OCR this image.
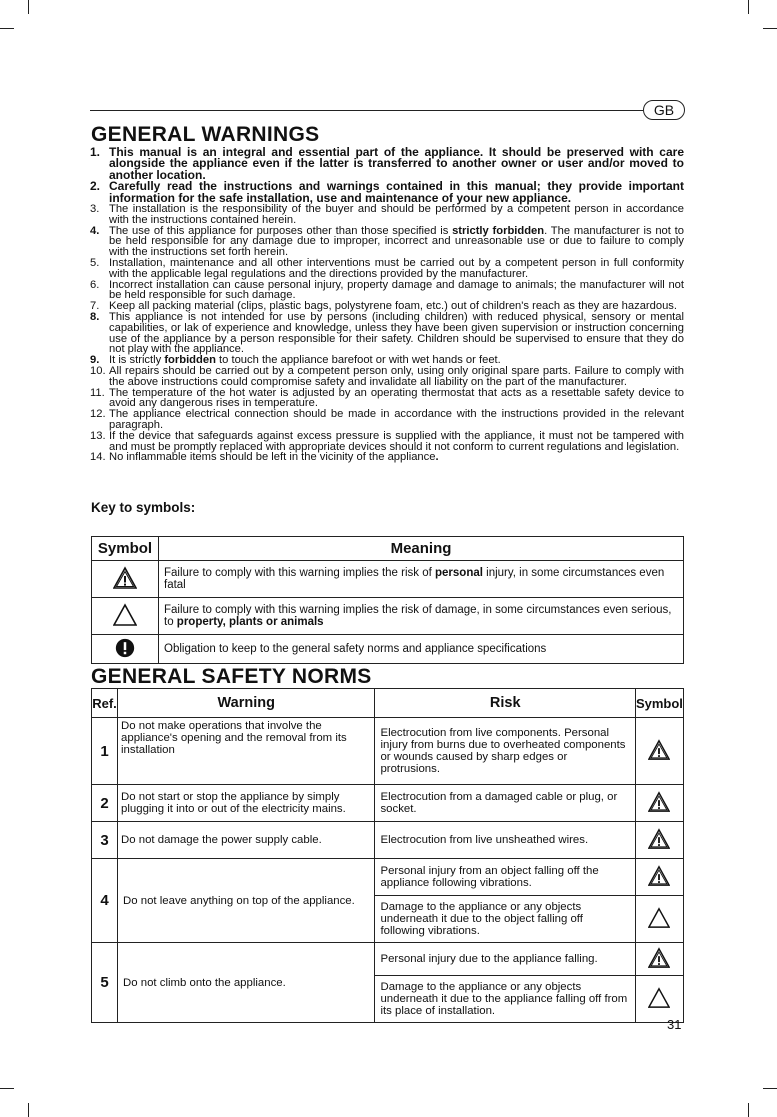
GB
GENERAL WARNINGS
1. This manual is an integral and essential part of the appliance. It should be preserved with care alongside the appliance even if the latter is transferred to another owner or user and/or moved to another location.
2. Carefully read the instructions and warnings contained in this manual; they provide important information for the safe installation, use and maintenance of your new appliance.
3. The installation is the responsibility of the buyer and should be performed by a competent person in accordance with the instructions contained herein.
4. The use of this appliance for purposes other than those specified is strictly forbidden. The manufacturer is not to be held responsible for any damage due to improper, incorrect and unreasonable use or due to failure to comply with the instructions set forth herein.
5. Installation, maintenance and all other interventions must be carried out by a competent person in full conformity with the applicable legal regulations and the directions provided by the manufacturer.
6. Incorrect installation can cause personal injury, property damage and damage to animals; the manufacturer will not be held responsible for such damage.
7. Keep all packing material (clips, plastic bags, polystyrene foam, etc.) out of children's reach as they are hazardous.
8. This appliance is not intended for use by persons (including children) with reduced physical, sensory or mental capabilities, or lak of experience and knowledge, unless they have been given supervision or instruction concerning use of the appliance by a person responsible for their safety. Children should be supervised to ensure that they do not play with the appliance.
9. It is strictly forbidden to touch the appliance barefoot or with wet hands or feet.
10. All repairs should be carried out by a competent person only, using only original spare parts. Failure to comply with the above instructions could compromise safety and invalidate all liability on the part of the manufacturer.
11. The temperature of the hot water is adjusted by an operating thermostat that acts as a resettable safety device to avoid any dangerous rises in temperature.
12. The appliance electrical connection should be made in accordance with the instructions provided in the relevant paragraph.
13. If the device that safeguards against excess pressure is supplied with the appliance, it must not be tampered with and must be promptly replaced with appropriate devices should it not conform to current regulations and legislation.
14. No inflammable items should be left in the vicinity of the appliance.
Key to symbols:
Symbol	Meaning
	Failure to comply with this warning implies the risk of personal injury, in some circumstances even fatal
	Failure to comply with this warning implies the risk of damage, in some circumstances even serious, to property, plants or animals
	Obligation to keep to the general safety norms and appliance specifications
GENERAL SAFETY NORMS
Ref.	Warning	Risk	Symbol
1	Do not make operations that involve the appliance's opening and the removal from its installation	Electrocution from live components. Personal injury from burns due to overheated components or wounds caused by sharp edges or protrusions.	
2	Do not start or stop the appliance by simply plugging it into or out of the electricity mains.	Electrocution from a damaged cable or plug, or socket.	
3	Do not damage the power supply cable.	Electrocution from live unsheathed wires.	
4	Do not leave anything on top of the appliance.	Personal injury from an object falling off the appliance following vibrations.	
		Damage to the appliance or any objects underneath it due to the object falling off following vibrations.	
5	Do not climb onto the appliance.	Personal injury due to the appliance falling.	
		Damage to the appliance or any objects underneath it due to the appliance falling off from its place of installation.	
31
